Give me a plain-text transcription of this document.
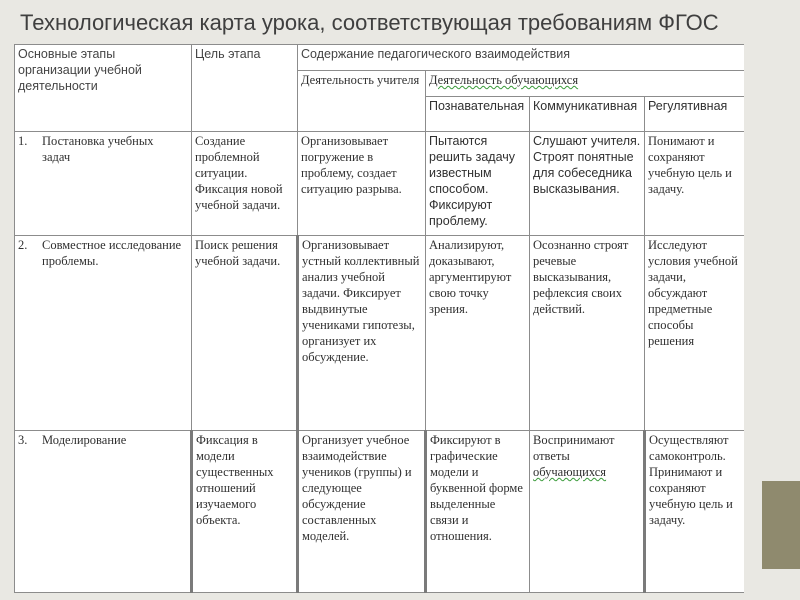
Технологическая карта урока, соответствующая требованиям ФГОС
Основные этапы организации учебной деятельности	Цель этапа	Содержание педагогического взаимодействия			
		Деятельность учителя	Деятельность обучающихся		
			Познавательная	Коммуникативная	Регулятивная
1. Постановка учебных задач	Создание проблемной ситуации. Фиксация новой учебной задачи.	Организовывает погружение в проблему, создает ситуацию разрыва.	Пытаются решить задачу известным способом. Фиксируют проблему.	Слушают учителя. Строят понятные для собеседника высказывания.	Понимают и сохраняют учебную цель и задачу.
2. Совместное исследование проблемы.	Поиск решения учебной задачи.	Организовывает устный коллективный анализ учебной задачи. Фиксирует выдвинутые учениками гипотезы, организует их обсуждение.	Анализируют, доказывают, аргументируют свою точку зрения.	Осознанно строят речевые высказывания, рефлексия своих действий.	Исследуют условия учебной задачи, обсуждают предметные способы решения
3. Моделирование	Фиксация в модели существенных отношений изучаемого объекта.	Организует учебное взаимодействие учеников (группы) и следующее обсуждение составленных моделей.	Фиксируют в графические модели и буквенной форме выделенные связи и отношения.	Воспринимают ответы обучающихся	Осуществляют самоконтроль. Принимают и сохраняют учебную цель и задачу.
